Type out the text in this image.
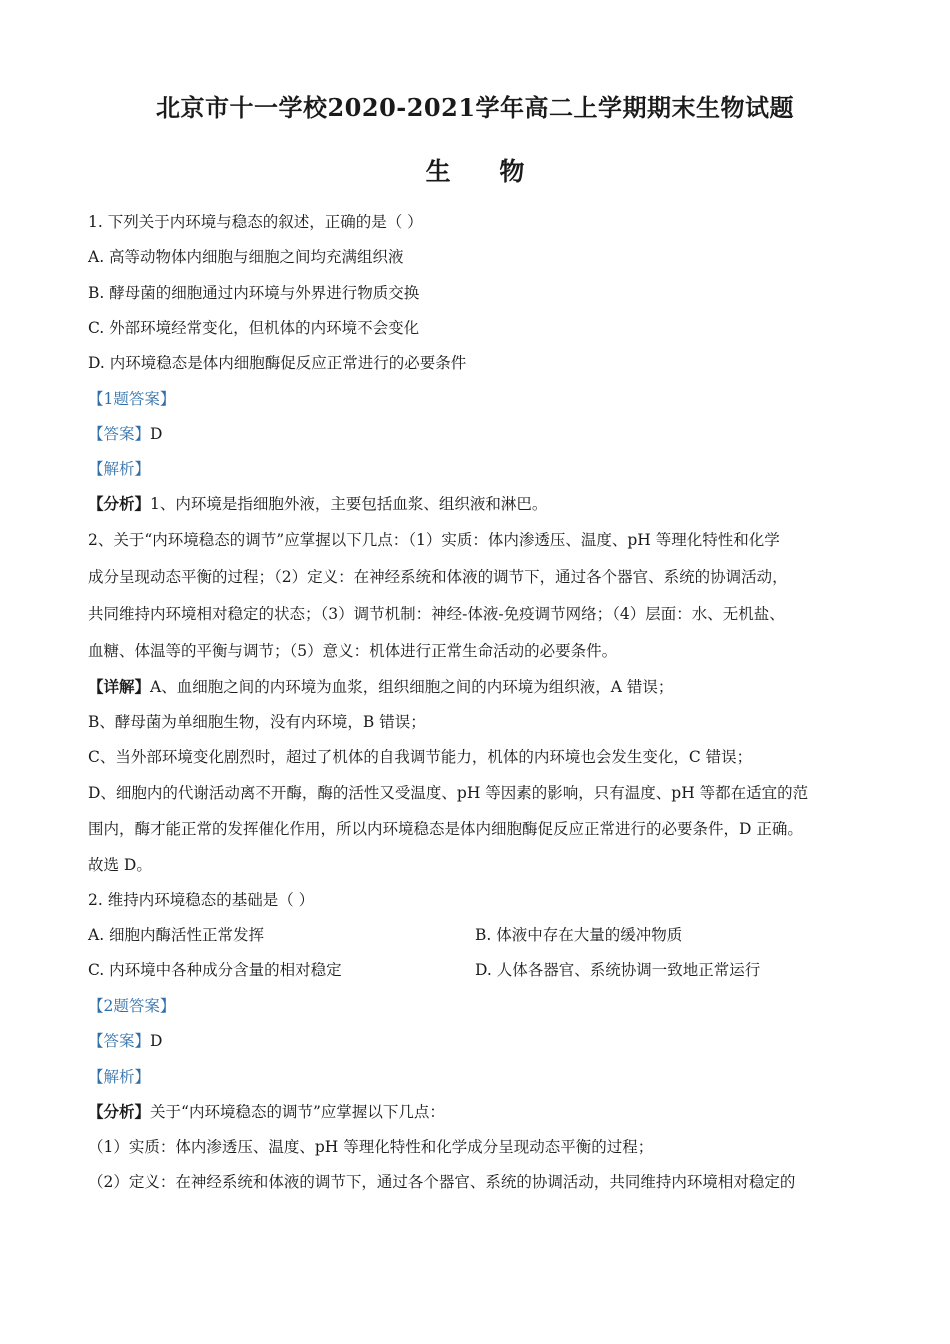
北京市十一学校2020-2021学年高二上学期期末生物试题
生 物
1. 下列关于内环境与稳态的叙述，正确的是（ ）
A. 高等动物体内细胞与细胞之间均充满组织液
B. 酵母菌的细胞通过内环境与外界进行物质交换
C. 外部环境经常变化，但机体的内环境不会变化
D. 内环境稳态是体内细胞酶促反应正常进行的必要条件
【1题答案】
【答案】D
【解析】
【分析】1、内环境是指细胞外液，主要包括血浆、组织液和淋巴。
2、关于“内环境稳态的调节”应掌握以下几点：（1）实质：体内渗透压、温度、pH 等理化特性和化学
成分呈现动态平衡的过程；（2）定义：在神经系统和体液的调节下，通过各个器官、系统的协调活动，
共同维持内环境相对稳定的状态；（3）调节机制：神经-体液-免疫调节网络；（4）层面：水、无机盐、
血糖、体温等的平衡与调节；（5）意义：机体进行正常生命活动的必要条件。
【详解】A、血细胞之间的内环境为血浆，组织细胞之间的内环境为组织液，A 错误；
B、酵母菌为单细胞生物，没有内环境，B 错误；
C、当外部环境变化剧烈时，超过了机体的自我调节能力，机体的内环境也会发生变化，C 错误；
D、细胞内的代谢活动离不开酶，酶的活性又受温度、pH 等因素的影响，只有温度、pH 等都在适宜的范
围内，酶才能正常的发挥催化作用，所以内环境稳态是体内细胞酶促反应正常进行的必要条件，D 正确。
故选 D。
2. 维持内环境稳态的基础是（ ）
A. 细胞内酶活性正常发挥	B. 体液中存在大量的缓冲物质
C. 内环境中各种成分含量的相对稳定	D. 人体各器官、系统协调一致地正常运行
【2题答案】
【答案】D
【解析】
【分析】关于“内环境稳态的调节”应掌握以下几点：
（1）实质：体内渗透压、温度、pH 等理化特性和化学成分呈现动态平衡的过程；
（2）定义：在神经系统和体液的调节下，通过各个器官、系统的协调活动，共同维持内环境相对稳定的
